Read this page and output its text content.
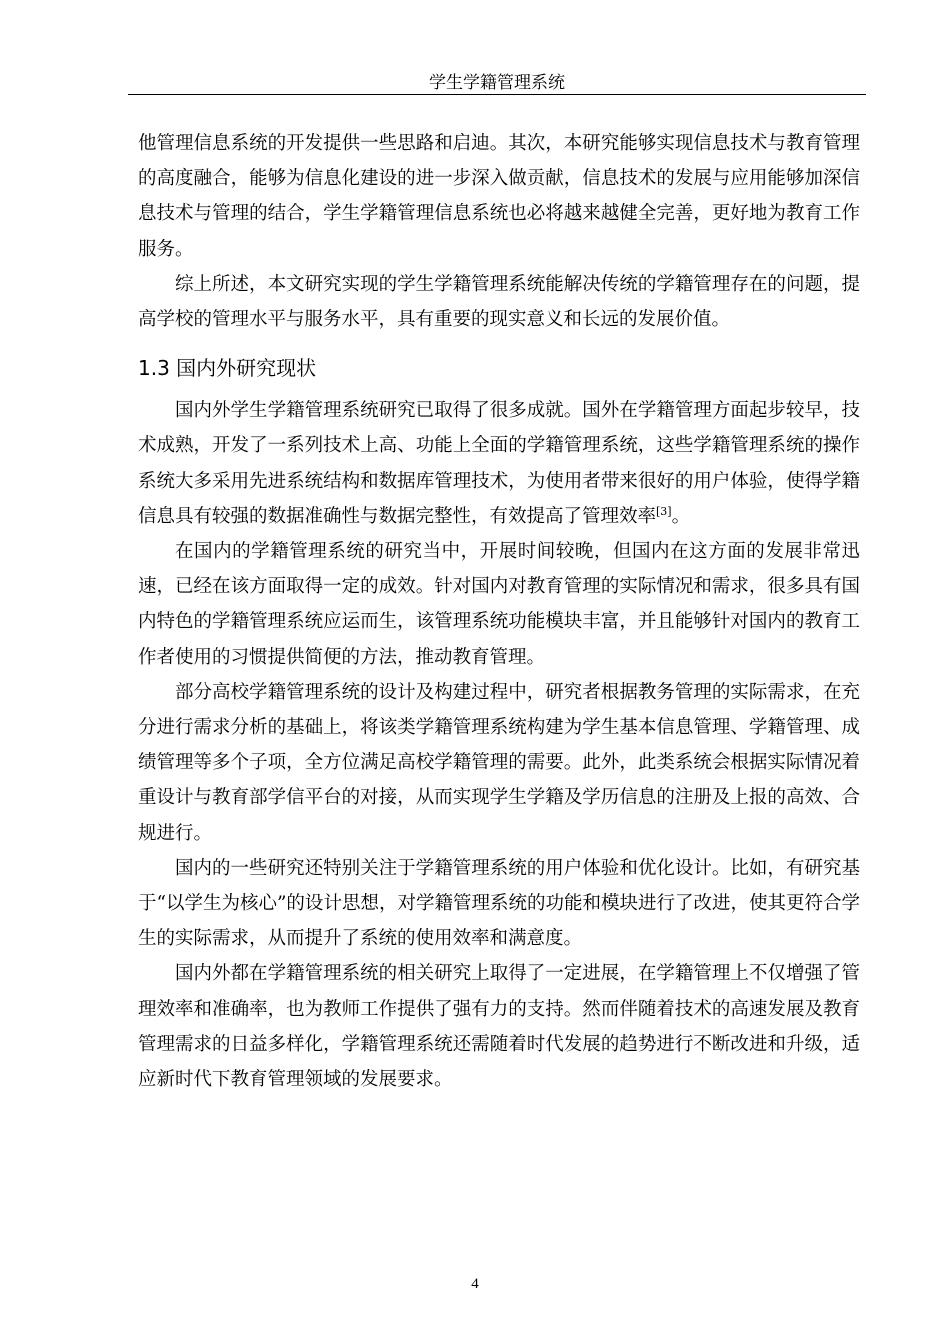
学生学籍管理系统

他管理信息系统的开发提供一些思路和启迪。其次，本研究能够实现信息技术与教育管理的高度融合，能够为信息化建设的进一步深入做贡献，信息技术的发展与应用能够加深信息技术与管理的结合，学生学籍管理信息系统也必将越来越健全完善，更好地为教育工作服务。

综上所述，本文研究实现的学生学籍管理系统能解决传统的学籍管理存在的问题，提高学校的管理水平与服务水平，具有重要的现实意义和长远的发展价值。

1.3 国内外研究现状

国内外学生学籍管理系统研究已取得了很多成就。国外在学籍管理方面起步较早，技术成熟，开发了一系列技术上高、功能上全面的学籍管理系统，这些学籍管理系统的操作系统大多采用先进系统结构和数据库管理技术，为使用者带来很好的用户体验，使得学籍信息具有较强的数据准确性与数据完整性，有效提高了管理效率[3]。

在国内的学籍管理系统的研究当中，开展时间较晚，但国内在这方面的发展非常迅速，已经在该方面取得一定的成效。针对国内对教育管理的实际情况和需求，很多具有国内特色的学籍管理系统应运而生，该管理系统功能模块丰富，并且能够针对国内的教育工作者使用的习惯提供简便的方法，推动教育管理。

部分高校学籍管理系统的设计及构建过程中，研究者根据教务管理的实际需求，在充分进行需求分析的基础上，将该类学籍管理系统构建为学生基本信息管理、学籍管理、成绩管理等多个子项，全方位满足高校学籍管理的需要。此外，此类系统会根据实际情况着重设计与教育部学信平台的对接，从而实现学生学籍及学历信息的注册及上报的高效、合规进行。

国内的一些研究还特别关注于学籍管理系统的用户体验和优化设计。比如，有研究基于“以学生为核心”的设计思想，对学籍管理系统的功能和模块进行了改进，使其更符合学生的实际需求，从而提升了系统的使用效率和满意度。

国内外都在学籍管理系统的相关研究上取得了一定进展，在学籍管理上不仅增强了管理效率和准确率，也为教师工作提供了强有力的支持。然而伴随着技术的高速发展及教育管理需求的日益多样化，学籍管理系统还需随着时代发展的趋势进行不断改进和升级，适应新时代下教育管理领域的发展要求。

4
